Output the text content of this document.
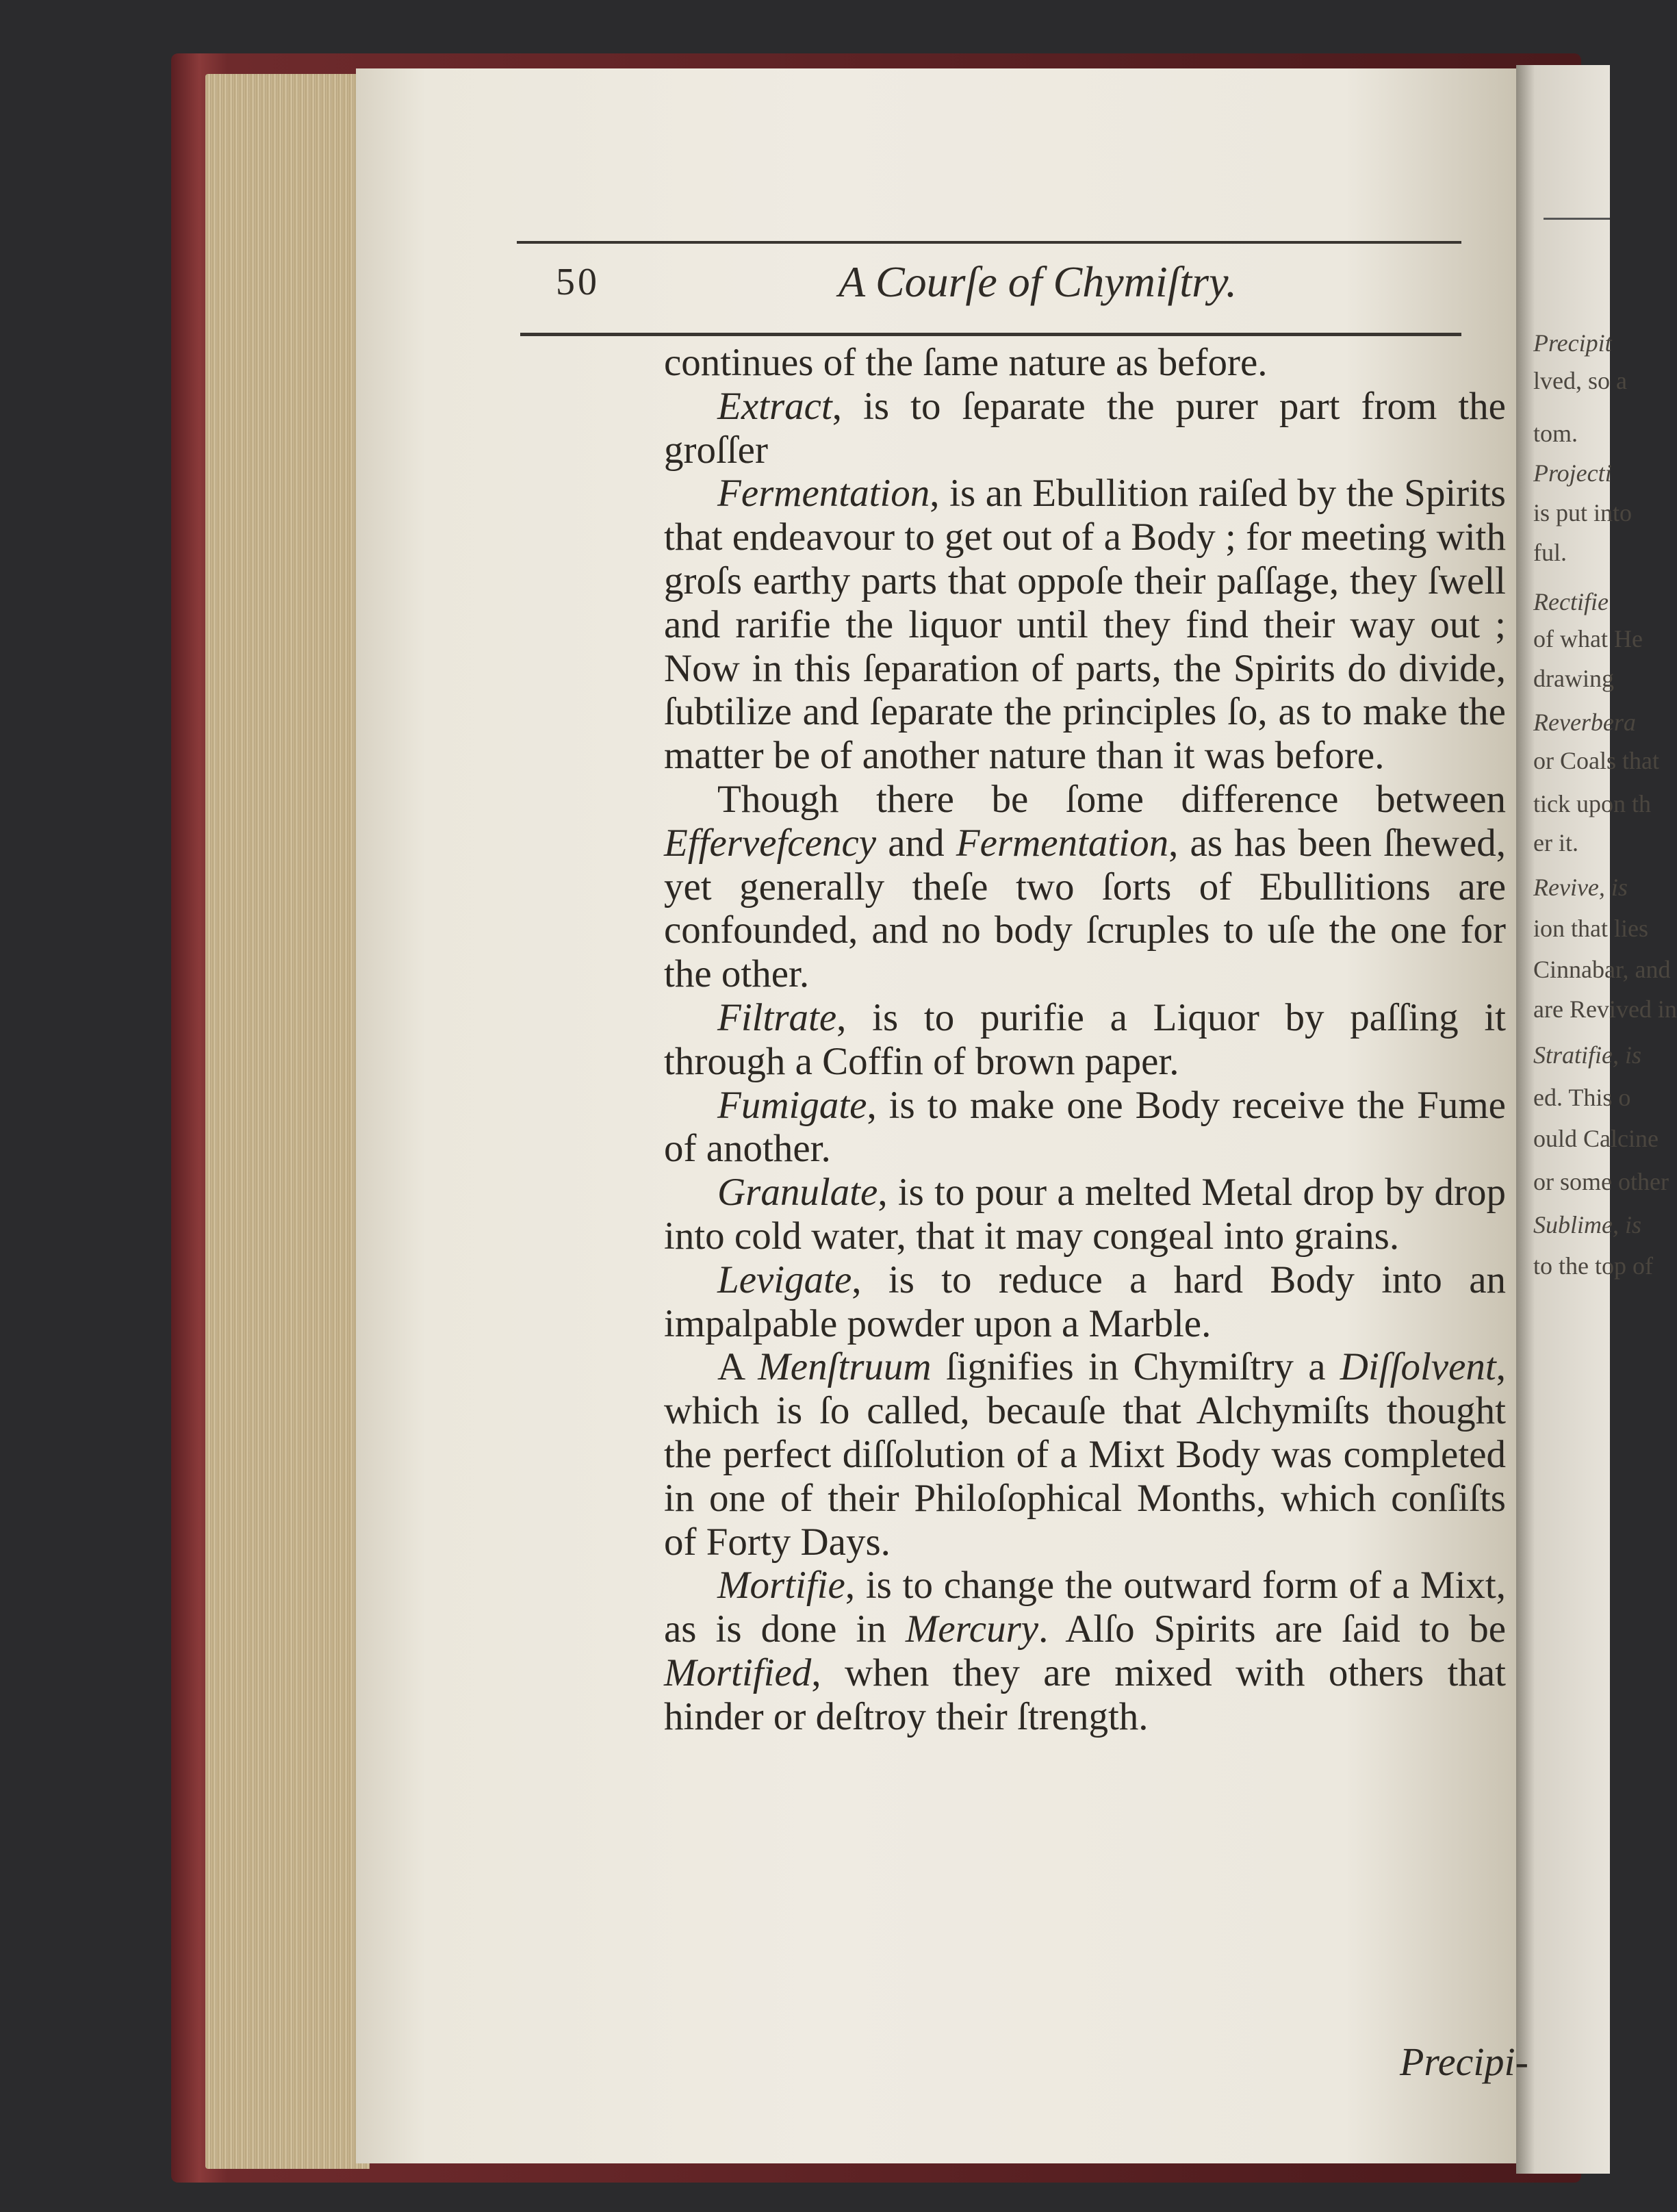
Precipit
lved, so a
tom.
Projecti
is put into
ful.
Rectifie
of what He
drawing
Reverbera
or Coals that
tick upon th
er it.
Revive, is
ion that lies
Cinnabar, and
are Revived in
Stratifie, is
ed. This o
ould Calcine
or some other
Sublime, is
to the top of
50	A Courſe of Chymiſtry.

continues of the ſame nature as before.

Extract, is to ſeparate the purer part from the groſſer

Fermentation, is an Ebullition raiſed by the Spirits that endeavour to get out of a Body ; for meeting with groſs earthy parts that oppoſe their paſſage, they ſwell and rarifie the liquor until they find their way out ; Now in this ſeparation of parts, the Spirits do divide, ſubtilize and ſeparate the principles ſo, as to make the matter be of another nature than it was before.

Though there be ſome difference between Effervefcency and Fermentation, as has been ſhewed, yet generally theſe two ſorts of Ebullitions are confounded, and no body ſcruples to uſe the one for the other.

Filtrate, is to purifie a Liquor by paſſing it through a Coffin of brown paper.

Fumigate, is to make one Body receive the Fume of another.

Granulate, is to pour a melted Metal drop by drop into cold water, that it may congeal into grains.

Levigate, is to reduce a hard Body into an impalpable powder upon a Marble.

A Menſtruum ſignifies in Chymiſtry a Diſſolvent, which is ſo called, becauſe that Alchymiſts thought the perfect diſſolution of a Mixt Body was completed in one of their Philoſophical Months, which conſiſts of Forty Days.

Mortifie, is to change the outward form of a Mixt, as is done in Mercury. Alſo Spirits are ſaid to be Mortified, when they are mixed with others that hinder or deſtroy their ſtrength.

Precipi-
